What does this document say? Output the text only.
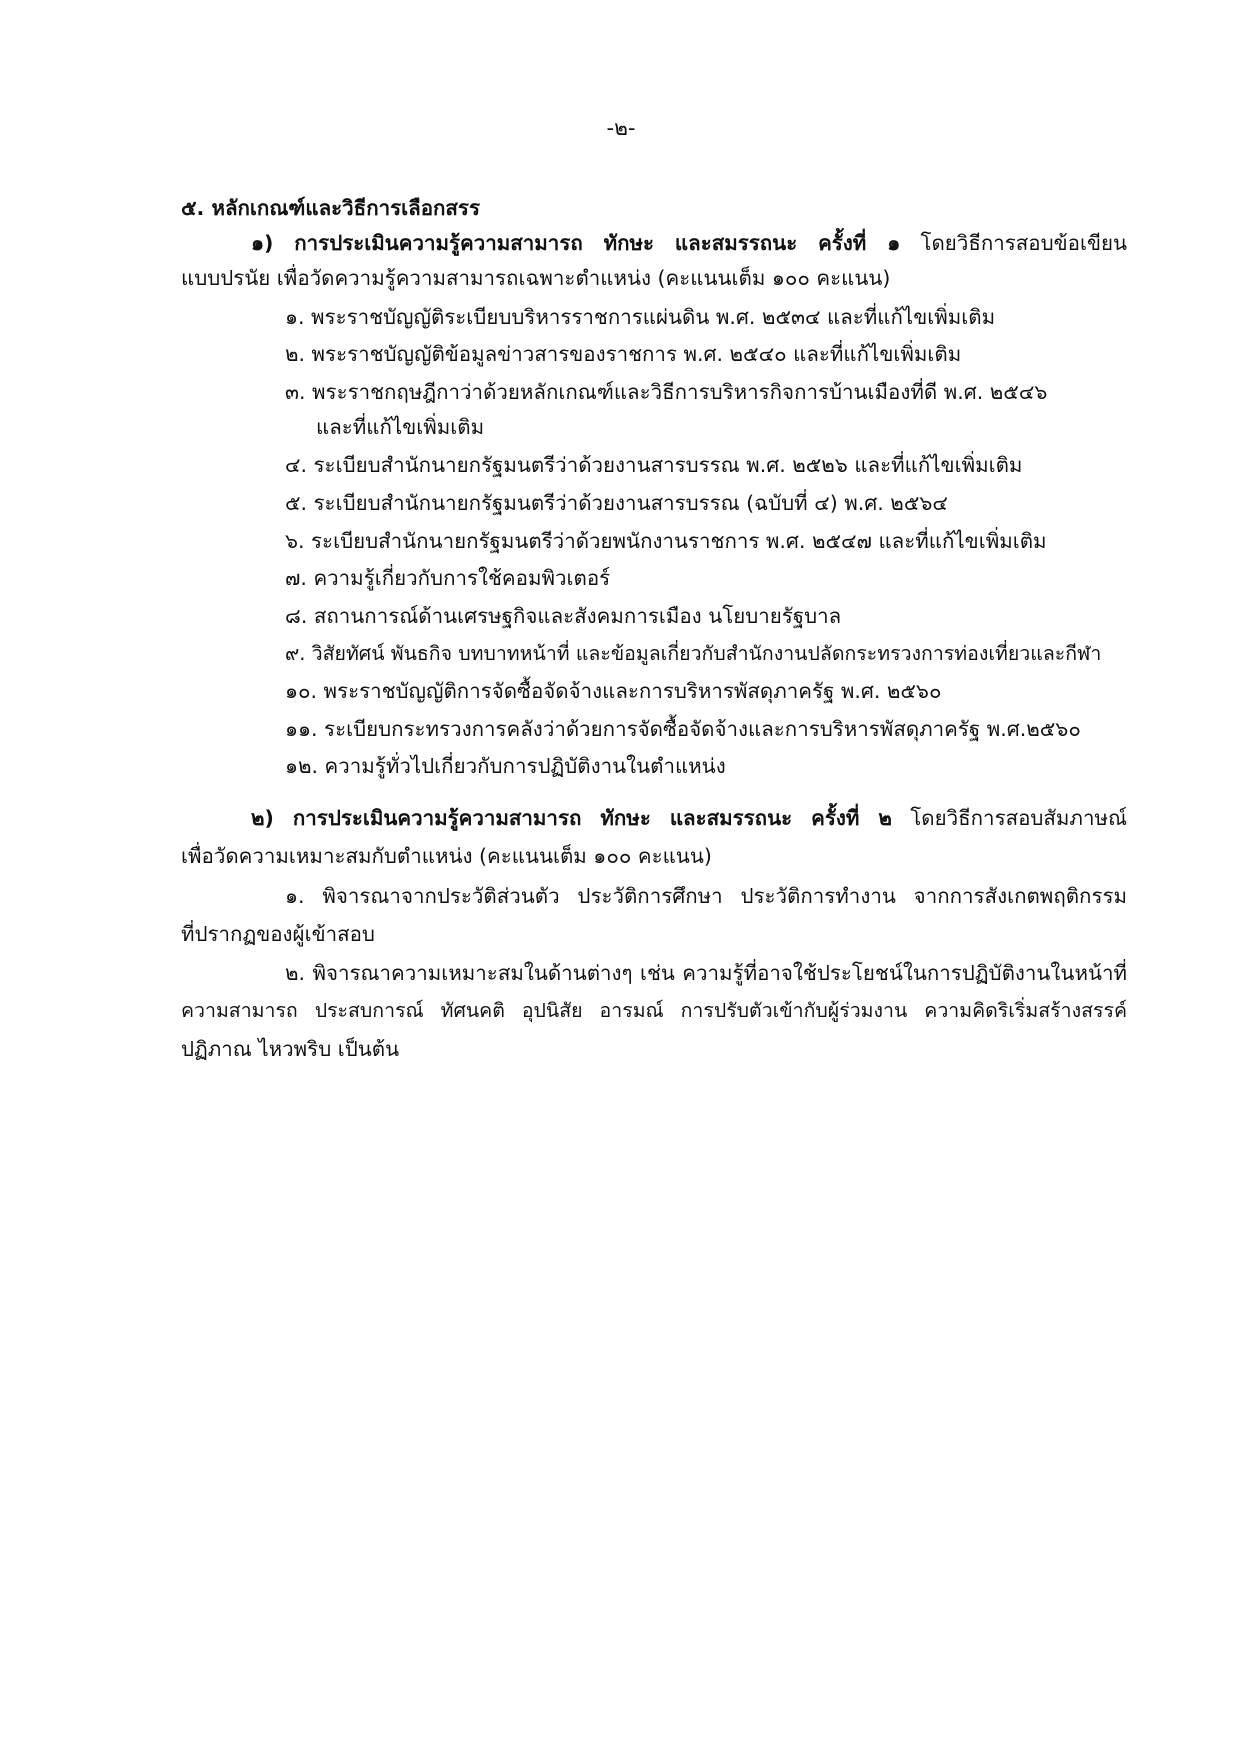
-๒-
๕. หลักเกณฑ์และวิธีการเลือกสรร
๑) การประเมินความรู้ความสามารถ ทักษะ และสมรรถนะ ครั้งที่ ๑ โดยวิธีการสอบข้อเขียน
แบบปรนัย เพื่อวัดความรู้ความสามารถเฉพาะตำแหน่ง (คะแนนเต็ม ๑๐๐ คะแนน)
๑. พระราชบัญญัติระเบียบบริหารราชการแผ่นดิน พ.ศ. ๒๕๓๔ และที่แก้ไขเพิ่มเติม
๒. พระราชบัญญัติข้อมูลข่าวสารของราชการ พ.ศ. ๒๕๔๐ และที่แก้ไขเพิ่มเติม
๓. พระราชกฤษฎีกาว่าด้วยหลักเกณฑ์และวิธีการบริหารกิจการบ้านเมืองที่ดี พ.ศ. ๒๕๔๖
และที่แก้ไขเพิ่มเติม
๔. ระเบียบสำนักนายกรัฐมนตรีว่าด้วยงานสารบรรณ พ.ศ. ๒๕๒๖ และที่แก้ไขเพิ่มเติม
๕. ระเบียบสำนักนายกรัฐมนตรีว่าด้วยงานสารบรรณ (ฉบับที่ ๔) พ.ศ. ๒๕๖๔
๖. ระเบียบสำนักนายกรัฐมนตรีว่าด้วยพนักงานราชการ พ.ศ. ๒๕๔๗ และที่แก้ไขเพิ่มเติม
๗. ความรู้เกี่ยวกับการใช้คอมพิวเตอร์
๘. สถานการณ์ด้านเศรษฐกิจและสังคมการเมือง นโยบายรัฐบาล
๙. วิสัยทัศน์ พันธกิจ บทบาทหน้าที่ และข้อมูลเกี่ยวกับสำนักงานปลัดกระทรวงการท่องเที่ยวและกีฬา
๑๐. พระราชบัญญัติการจัดซื้อจัดจ้างและการบริหารพัสดุภาครัฐ พ.ศ. ๒๕๖๐
๑๑. ระเบียบกระทรวงการคลังว่าด้วยการจัดซื้อจัดจ้างและการบริหารพัสดุภาครัฐ พ.ศ.๒๕๖๐
๑๒. ความรู้ทั่วไปเกี่ยวกับการปฏิบัติงานในตำแหน่ง
๒) การประเมินความรู้ความสามารถ ทักษะ และสมรรถนะ ครั้งที่ ๒ โดยวิธีการสอบสัมภาษณ์
เพื่อวัดความเหมาะสมกับตำแหน่ง (คะแนนเต็ม ๑๐๐ คะแนน)
๑. พิจารณาจากประวัติส่วนตัว ประวัติการศึกษา ประวัติการทำงาน จากการสังเกตพฤติกรรม
ที่ปรากฏของผู้เข้าสอบ
๒. พิจารณาความเหมาะสมในด้านต่างๆ เช่น ความรู้ที่อาจใช้ประโยชน์ในการปฏิบัติงานในหน้าที่
ความสามารถ ประสบการณ์ ทัศนคติ อุปนิสัย อารมณ์ การปรับตัวเข้ากับผู้ร่วมงาน ความคิดริเริ่มสร้างสรรค์
ปฏิภาณ ไหวพริบ เป็นต้น
